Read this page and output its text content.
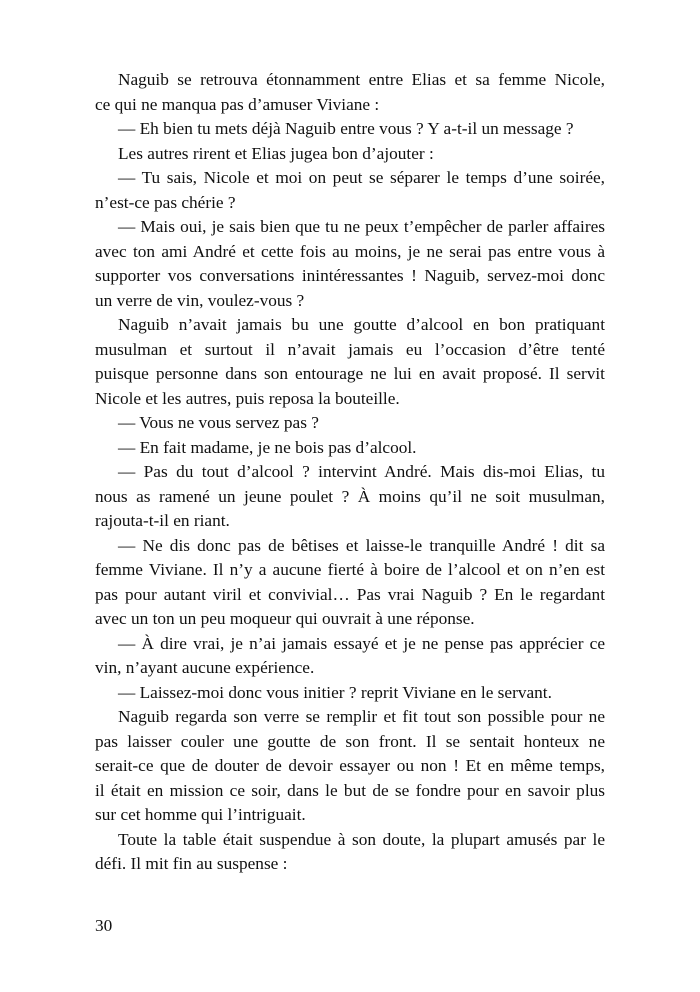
Naguib se retrouva étonnamment entre Elias et sa femme Nicole,
ce qui ne manqua pas d’amuser Viviane :
— Eh bien tu mets déjà Naguib entre vous ? Y a-t-il un message ?
Les autres rirent et Elias jugea bon d’ajouter :
— Tu sais, Nicole et moi on peut se séparer le temps d’une soirée,
n’est-ce pas chérie ?
— Mais oui, je sais bien que tu ne peux t’empêcher de parler affaires
avec ton ami André et cette fois au moins, je ne serai pas entre vous à
supporter vos conversations inintéressantes ! Naguib, servez-moi donc
un verre de vin, voulez-vous ?
Naguib n’avait jamais bu une goutte d’alcool en bon pratiquant
musulman et surtout il n’avait jamais eu l’occasion d’être tenté
puisque personne dans son entourage ne lui en avait proposé. Il servit
Nicole et les autres, puis reposa la bouteille.
— Vous ne vous servez pas ?
— En fait madame, je ne bois pas d’alcool.
— Pas du tout d’alcool ? intervint André. Mais dis-moi Elias, tu
nous as ramené un jeune poulet ? À moins qu’il ne soit musulman,
rajouta-t-il en riant.
— Ne dis donc pas de bêtises et laisse-le tranquille André ! dit sa
femme Viviane. Il n’y a aucune fierté à boire de l’alcool et on n’en est
pas pour autant viril et convivial… Pas vrai Naguib ? En le regardant
avec un ton un peu moqueur qui ouvrait à une réponse.
— À dire vrai, je n’ai jamais essayé et je ne pense pas apprécier ce
vin, n’ayant aucune expérience.
— Laissez-moi donc vous initier ? reprit Viviane en le servant.
Naguib regarda son verre se remplir et fit tout son possible pour ne
pas laisser couler une goutte de son front. Il se sentait honteux ne
serait-ce que de douter de devoir essayer ou non ! Et en même temps,
il était en mission ce soir, dans le but de se fondre pour en savoir plus
sur cet homme qui l’intriguait.
Toute la table était suspendue à son doute, la plupart amusés par le
défi. Il mit fin au suspense :
30
